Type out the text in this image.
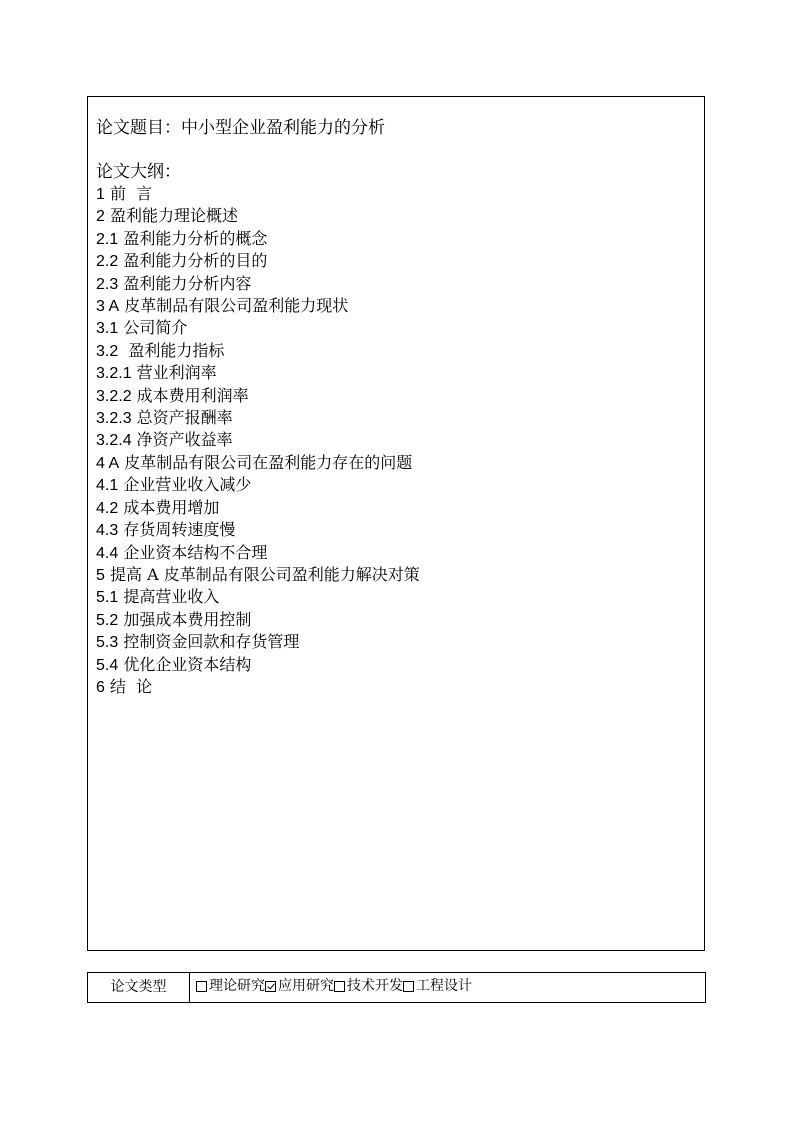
论文题目：中小型企业盈利能力的分析

论文大纲：

1 前  言
2 盈利能力理论概述
2.1 盈利能力分析的概念
2.2 盈利能力分析的目的
2.3 盈利能力分析内容
3 A 皮革制品有限公司盈利能力现状
3.1 公司简介
3.2  盈利能力指标
3.2.1 营业利润率
3.2.2 成本费用利润率
3.2.3 总资产报酬率
3.2.4 净资产收益率
4 A 皮革制品有限公司在盈利能力存在的问题
4.1 企业营业收入减少
4.2 成本费用增加
4.3 存货周转速度慢
4.4 企业资本结构不合理
5 提高 A 皮革制品有限公司盈利能力解决对策
5.1 提高营业收入
5.2 加强成本费用控制
5.3 控制资金回款和存货管理
5.4 优化企业资本结构
6 结  论
论文类型	理论研究 应用研究 技术开发 工程设计
